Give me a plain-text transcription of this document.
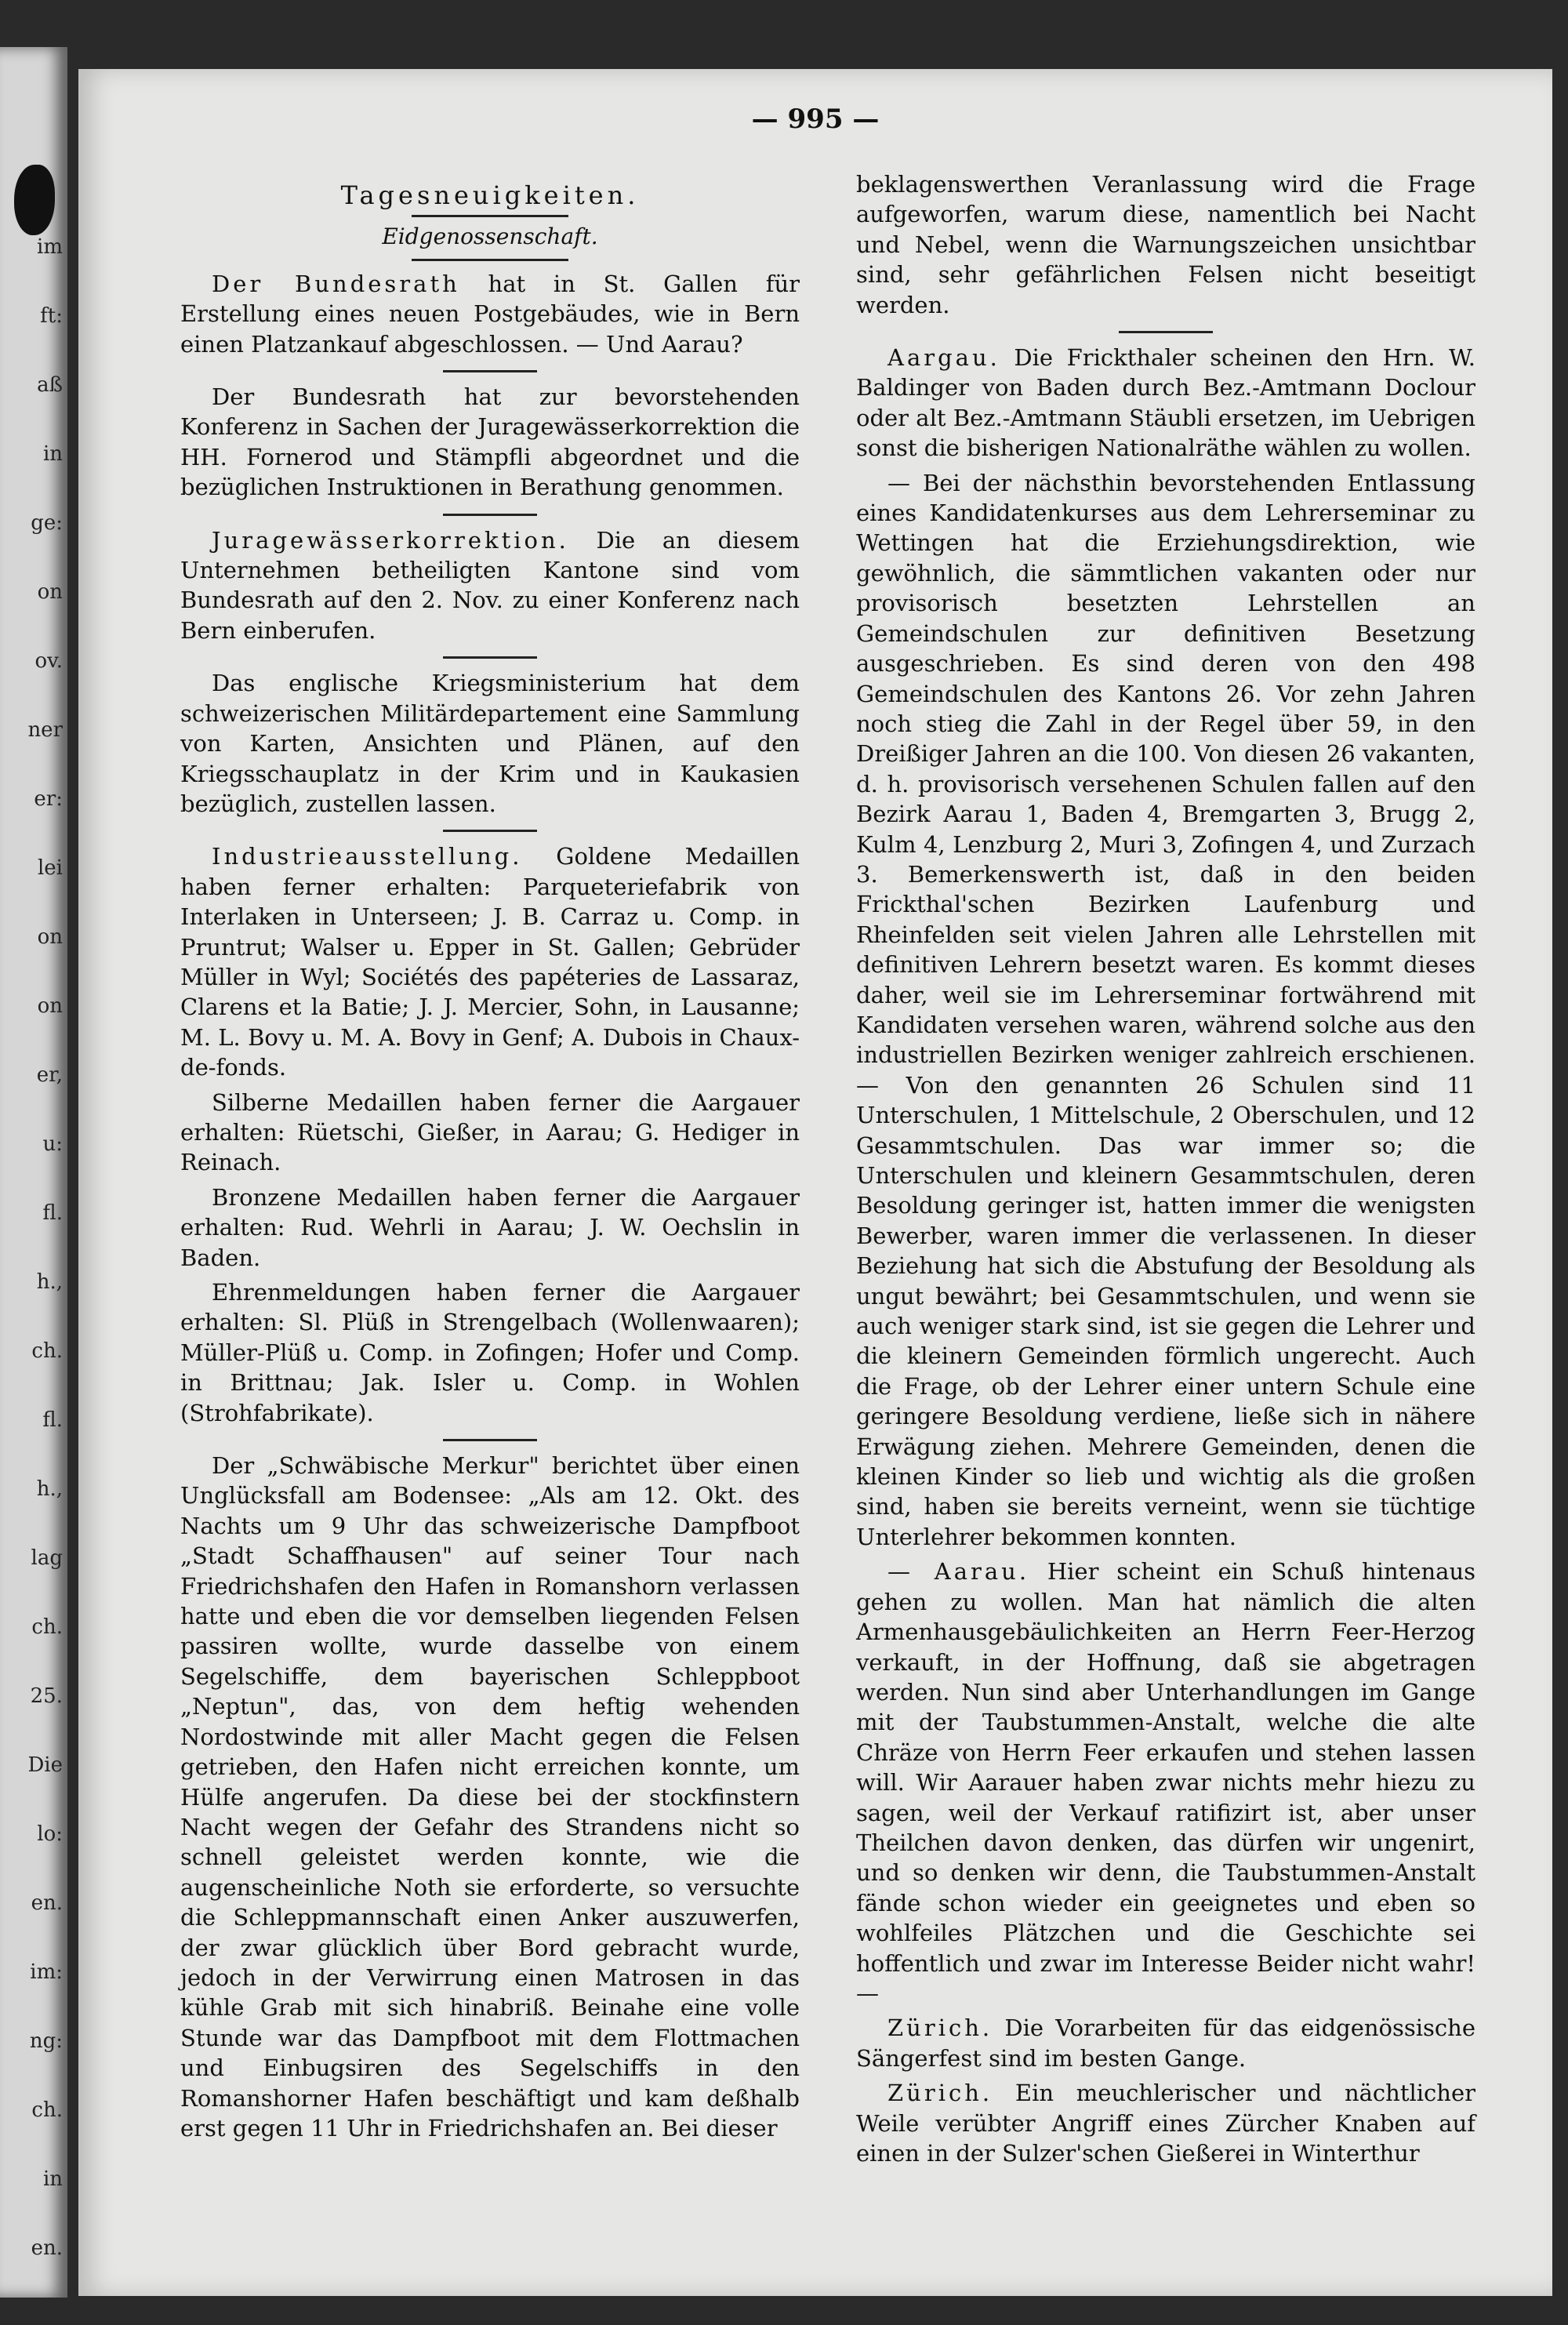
im
ft:
aß
in
ge:
on
ov.
ner
er:
lei
on
on
er,
u:
fl.
h.,
ch.
fl.
h.,
lag
ch.
25.
Die
lo:
en.
im:
ng:
ch.
in
en.
— 995 —
Tagesneuigkeiten.
Eidgenossenschaft.

Der Bundesrath hat in St. Gallen für Erstellung eines neuen Postgebäudes, wie in Bern einen Platzankauf abgeschlossen. — Und Aarau?

Der Bundesrath hat zur bevorstehenden Konferenz in Sachen der Juragewässerkorrektion die HH. Fornerod und Stämpfli abgeordnet und die bezüglichen Instruktionen in Berathung genommen.

Juragewässerkorrektion. Die an diesem Unternehmen betheiligten Kantone sind vom Bundesrath auf den 2. Nov. zu einer Konferenz nach Bern einberufen.

Das englische Kriegsministerium hat dem schweizerischen Militärdepartement eine Sammlung von Karten, Ansichten und Plänen, auf den Kriegsschauplatz in der Krim und in Kaukasien bezüglich, zustellen lassen.

Industrieausstellung. Goldene Medaillen haben ferner erhalten: Parqueteriefabrik von Interlaken in Unterseen; J. B. Carraz u. Comp. in Pruntrut; Walser u. Epper in St. Gallen; Gebrüder Müller in Wyl; Sociétés des papéteries de Lassaraz, Clarens et la Batie; J. J. Mercier, Sohn, in Lausanne; M. L. Bovy u. M. A. Bovy in Genf; A. Dubois in Chaux-de-fonds.

Silberne Medaillen haben ferner die Aargauer erhalten: Rüetschi, Gießer, in Aarau; G. Hediger in Reinach.

Bronzene Medaillen haben ferner die Aargauer erhalten: Rud. Wehrli in Aarau; J. W. Oechslin in Baden.

Ehrenmeldungen haben ferner die Aargauer erhalten: Sl. Plüß in Strengelbach (Wollenwaaren); Müller-Plüß u. Comp. in Zofingen; Hofer und Comp. in Brittnau; Jak. Isler u. Comp. in Wohlen (Strohfabrikate).

Der „Schwäbische Merkur" berichtet über einen Unglücksfall am Bodensee: „Als am 12. Okt. des Nachts um 9 Uhr das schweizerische Dampfboot „Stadt Schaffhausen" auf seiner Tour nach Friedrichshafen den Hafen in Romanshorn verlassen hatte und eben die vor demselben liegenden Felsen passiren wollte, wurde dasselbe von einem Segelschiffe, dem bayerischen Schleppboot „Neptun", das, von dem heftig wehenden Nordostwinde mit aller Macht gegen die Felsen getrieben, den Hafen nicht erreichen konnte, um Hülfe angerufen. Da diese bei der stockfinstern Nacht wegen der Gefahr des Strandens nicht so schnell geleistet werden konnte, wie die augenscheinliche Noth sie erforderte, so versuchte die Schleppmannschaft einen Anker auszuwerfen, der zwar glücklich über Bord gebracht wurde, jedoch in der Verwirrung einen Matrosen in das kühle Grab mit sich hinabriß. Beinahe eine volle Stunde war das Dampfboot mit dem Flottmachen und Einbugsiren des Segelschiffs in den Romanshorner Hafen beschäftigt und kam deßhalb erst gegen 11 Uhr in Friedrichshafen an. Bei dieser

beklagenswerthen Veranlassung wird die Frage aufgeworfen, warum diese, namentlich bei Nacht und Nebel, wenn die Warnungszeichen unsichtbar sind, sehr gefährlichen Felsen nicht beseitigt werden.

Aargau. Die Frickthaler scheinen den Hrn. W. Baldinger von Baden durch Bez.-Amtmann Doclour oder alt Bez.-Amtmann Stäubli ersetzen, im Uebrigen sonst die bisherigen Nationalräthe wählen zu wollen.

— Bei der nächsthin bevorstehenden Entlassung eines Kandidatenkurses aus dem Lehrerseminar zu Wettingen hat die Erziehungsdirektion, wie gewöhnlich, die sämmtlichen vakanten oder nur provisorisch besetzten Lehrstellen an Gemeindschulen zur definitiven Besetzung ausgeschrieben. Es sind deren von den 498 Gemeindschulen des Kantons 26. Vor zehn Jahren noch stieg die Zahl in der Regel über 59, in den Dreißiger Jahren an die 100. Von diesen 26 vakanten, d. h. provisorisch versehenen Schulen fallen auf den Bezirk Aarau 1, Baden 4, Bremgarten 3, Brugg 2, Kulm 4, Lenzburg 2, Muri 3, Zofingen 4, und Zurzach 3. Bemerkenswerth ist, daß in den beiden Frickthal'schen Bezirken Laufenburg und Rheinfelden seit vielen Jahren alle Lehrstellen mit definitiven Lehrern besetzt waren. Es kommt dieses daher, weil sie im Lehrerseminar fortwährend mit Kandidaten versehen waren, während solche aus den industriellen Bezirken weniger zahlreich erschienen. — Von den genannten 26 Schulen sind 11 Unterschulen, 1 Mittelschule, 2 Oberschulen, und 12 Gesammtschulen. Das war immer so; die Unterschulen und kleinern Gesammtschulen, deren Besoldung geringer ist, hatten immer die wenigsten Bewerber, waren immer die verlassenen. In dieser Beziehung hat sich die Abstufung der Besoldung als ungut bewährt; bei Gesammtschulen, und wenn sie auch weniger stark sind, ist sie gegen die Lehrer und die kleinern Gemeinden förmlich ungerecht. Auch die Frage, ob der Lehrer einer untern Schule eine geringere Besoldung verdiene, ließe sich in nähere Erwägung ziehen. Mehrere Gemeinden, denen die kleinen Kinder so lieb und wichtig als die großen sind, haben sie bereits verneint, wenn sie tüchtige Unterlehrer bekommen konnten.

— Aarau. Hier scheint ein Schuß hintenaus gehen zu wollen. Man hat nämlich die alten Armenhausgebäulichkeiten an Herrn Feer-Herzog verkauft, in der Hoffnung, daß sie abgetragen werden. Nun sind aber Unterhandlungen im Gange mit der Taubstummen-Anstalt, welche die alte Chräze von Herrn Feer erkaufen und stehen lassen will. Wir Aarauer haben zwar nichts mehr hiezu zu sagen, weil der Verkauf ratifizirt ist, aber unser Theilchen davon denken, das dürfen wir ungenirt, und so denken wir denn, die Taubstummen-Anstalt fände schon wieder ein geeignetes und eben so wohlfeiles Plätzchen und die Geschichte sei hoffentlich und zwar im Interesse Beider nicht wahr! —

Zürich. Die Vorarbeiten für das eidgenössische Sängerfest sind im besten Gange.

Zürich. Ein meuchlerischer und nächtlicher Weile verübter Angriff eines Zürcher Knaben auf einen in der Sulzer'schen Gießerei in Winterthur
